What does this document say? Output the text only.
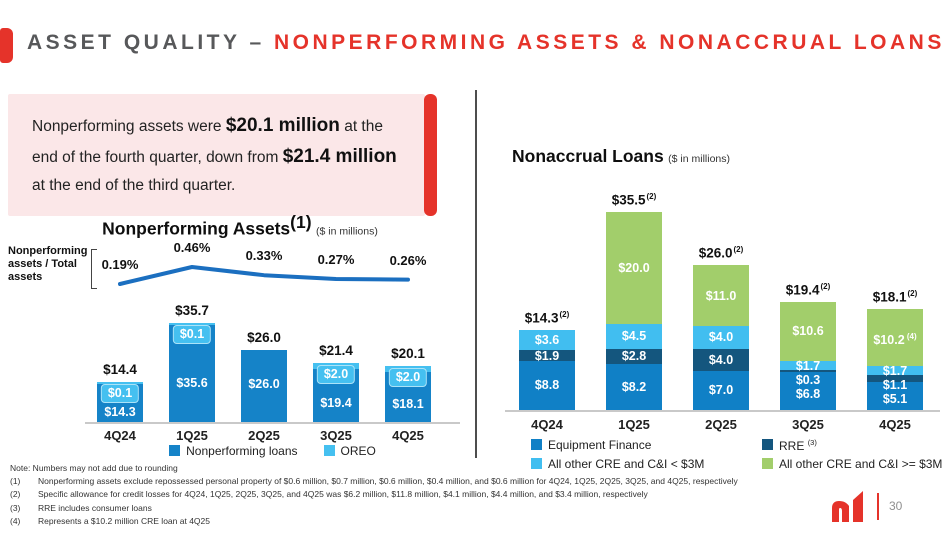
ASSET QUALITY – NONPERFORMING ASSETS & NONACCRUAL LOANS
Nonperforming assets were $20.1 million at the
end of the fourth quarter, down from $21.4 million
at the end of the third quarter.
Nonperforming Assets$^{(1)}$ ($ in millions)
Nonperforming assets / Total assets
$0.1
$14.3
$14.4
4Q24
$0.1
$35.6
$35.7
1Q25
$26.0
$26.0
2Q25
$2.0
$19.4
$21.4
3Q25
$2.0
$18.1
$20.1
4Q25
0.19%
0.46%
0.33%	0.27%	0.26%
Nonperforming loans	OREO
Nonaccrual Loans ($ in millions)
$3.6
$1.9
$8.8
$14.3$^{(2)}$
4Q24
$20.0
$4.5
$2.8
$8.2
$35.5$^{(2)}$
1Q25
$11.0
$4.0
$4.0
$7.0
$26.0$^{(2)}$
2Q25
$10.6
$1.7
$0.3
$6.8
$19.4$^{(2)}$
3Q25
$10.2 $^{(4)}$
$1.7
$1.1
$5.1
$18.1$^{(2)}$
4Q25
Equipment Finance	RRE $^{(3)}$
All other CRE and C&I < $3M	All other CRE and C&I >= $3M
Note: Numbers may not add due to rounding
(1)	Nonperforming assets exclude repossessed personal property of $0.6 million, $0.7 million, $0.6 million, $0.4 million, and $0.6 million for 4Q24, 1Q25, 2Q25, 3Q25, and 4Q25, respectively
(2)	Specific allowance for credit losses for 4Q24, 1Q25, 2Q25, 3Q25, and 4Q25 was $6.2 million, $11.8 million, $4.1 million, $4.4 million, and $3.4 million, respectively
(3)	RRE includes consumer loans
(4)	Represents a $10.2 million CRE loan at 4Q25
30
